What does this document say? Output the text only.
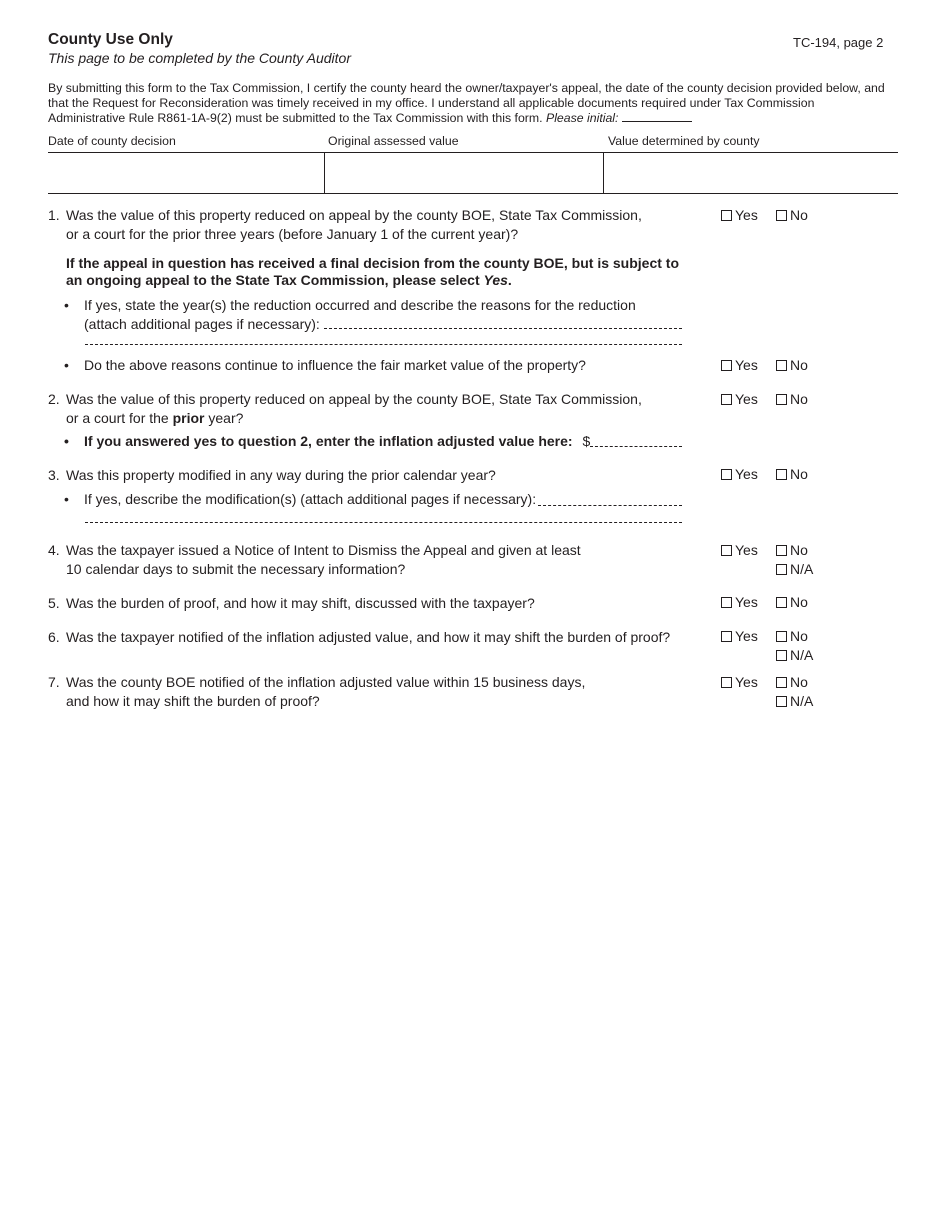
County Use Only
This page to be completed by the County Auditor
TC-194, page 2
By submitting this form to the Tax Commission, I certify the county heard the owner/taxpayer's appeal, the date of the county decision provided below, and that the Request for Reconsideration was timely received in my office. I understand all applicable documents required under Tax Commission Administrative Rule R861-1A-9(2) must be submitted to the Tax Commission with this form. Please initial:
Date of county decision	Original assessed value	Value determined by county
1. Was the value of this property reduced on appeal by the county BOE, State Tax Commission,
or a court for the prior three years (before January 1 of the current year)?
Yes	No
If the appeal in question has received a final decision from the county BOE, but is subject to
an ongoing appeal to the State Tax Commission, please select Yes.
• If yes, state the year(s) the reduction occurred and describe the reasons for the reduction
(attach additional pages if necessary):
• Do the above reasons continue to influence the fair market value of the property?	Yes	No
2. Was the value of this property reduced on appeal by the county BOE, State Tax Commission,
or a court for the prior year?
Yes	No
• If you answered yes to question 2, enter the inflation adjusted value here: $
3. Was this property modified in any way during the prior calendar year?	Yes	No
• If yes, describe the modification(s) (attach additional pages if necessary):
4. Was the taxpayer issued a Notice of Intent to Dismiss the Appeal and given at least
10 calendar days to submit the necessary information?
Yes	No
N/A
5. Was the burden of proof, and how it may shift, discussed with the taxpayer?	Yes	No
6. Was the taxpayer notified of the inflation adjusted value, and how it may shift the burden of proof?	Yes	No
N/A
7. Was the county BOE notified of the inflation adjusted value within 15 business days,
and how it may shift the burden of proof?
Yes	No
N/A
